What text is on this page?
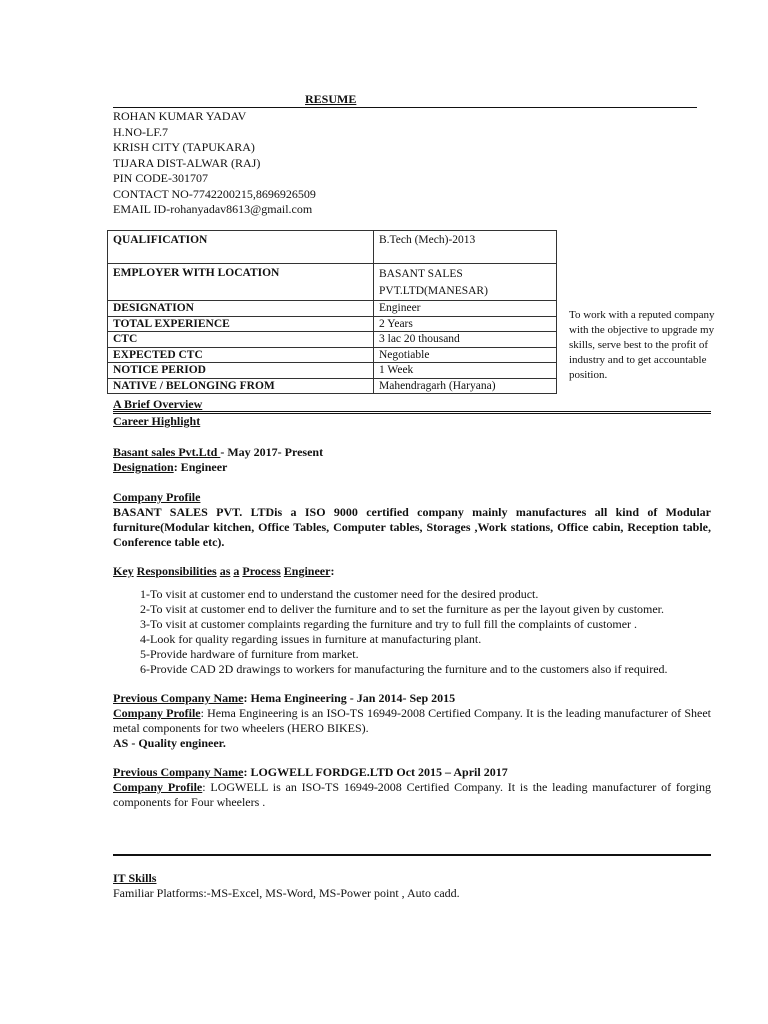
RESUME
ROHAN KUMAR YADAV
H.NO-LF.7
KRISH CITY (TAPUKARA)
TIJARA DIST-ALWAR (RAJ)
PIN CODE-301707
CONTACT NO-7742200215,8696926509
EMAIL ID-rohanyadav8613@gmail.com
QUALIFICATION	B.Tech (Mech)-2013
EMPLOYER WITH LOCATION	BASANT SALES
PVT.LTD(MANESAR)
DESIGNATION	Engineer
TOTAL EXPERIENCE	2 Years
CTC	3 lac 20 thousand
EXPECTED CTC	Negotiable
NOTICE PERIOD	1 Week
NATIVE / BELONGING FROM	Mahendragarh (Haryana)
To work with a reputed company with the objective to upgrade my skills, serve best to the profit of industry and to get accountable position.
A Brief Overview
Career Highlight
Basant sales Pvt.Ltd - May 2017- Present
Designation: Engineer
Company Profile
BASANT SALES PVT. LTDis a ISO 9000 certified company mainly manufactures all kind of Modular furniture(Modular kitchen, Office Tables, Computer tables, Storages ,Work stations, Office cabin, Reception table, Conference table etc).
Key Responsibilities as a Process Engineer:
1-To visit at customer end to understand the customer need for the desired product.
2-To visit at customer end to deliver the furniture and to set the furniture as per the layout given by customer.
3-To visit at customer complaints regarding the furniture and try to full fill the complaints of customer .
4-Look for quality regarding issues in furniture at manufacturing plant.
5-Provide hardware of furniture from market.
6-Provide CAD 2D drawings to workers for manufacturing the furniture and to the customers also if required.
Previous Company Name: Hema Engineering - Jan 2014- Sep 2015
Company Profile: Hema Engineering is an ISO-TS 16949-2008 Certified Company. It is the leading manufacturer of Sheet metal components for two wheelers (HERO BIKES).
AS - Quality engineer.
Previous Company Name: LOGWELL FORDGE.LTD Oct 2015 – April 2017
Company Profile: LOGWELL is an ISO-TS 16949-2008 Certified Company. It is the leading manufacturer of forging components for Four wheelers .
IT Skills
Familiar Platforms:-MS-Excel, MS-Word, MS-Power point , Auto cadd.
